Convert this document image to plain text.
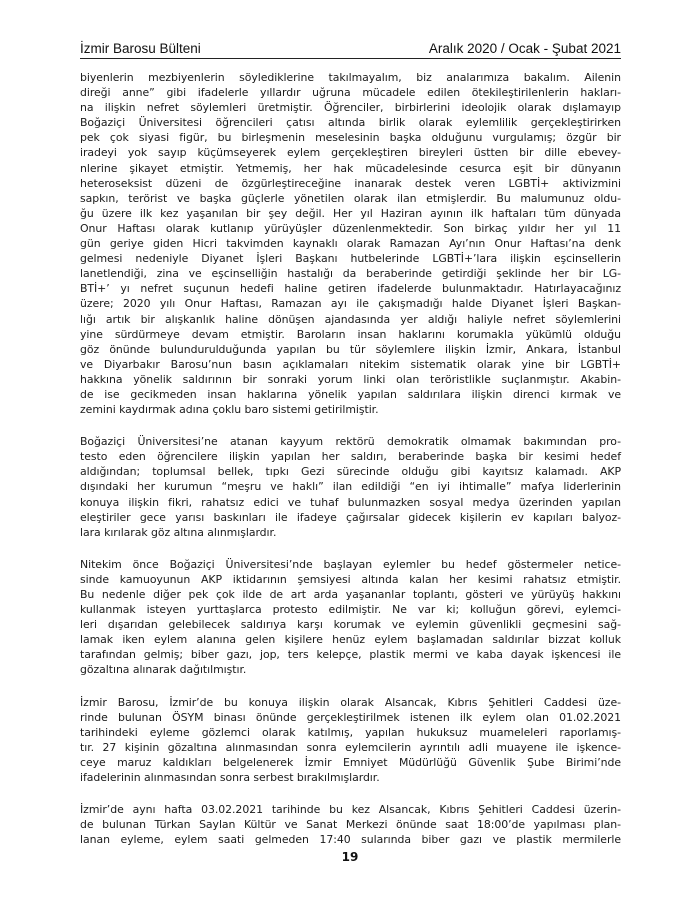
İzmir Barosu Bülteni	Aralık 2020 / Ocak - Şubat 2021

biyenlerin mezbiyenlerin söylediklerine takılmayalım, biz analarımıza bakalım. Ailenin
direği anne” gibi ifadelerle yıllardır uğruna mücadele edilen ötekileştirilenlerin hakları-
na ilişkin nefret söylemleri üretmiştir. Öğrenciler, birbirlerini ideolojik olarak dışlamayıp
Boğaziçi Üniversitesi öğrencileri çatısı altında birlik olarak eylemlilik gerçekleştirirken
pek çok siyasi figür, bu birleşmenin meselesinin başka olduğunu vurgulamış; özgür bir
iradeyi yok sayıp küçümseyerek eylem gerçekleştiren bireyleri üstten bir dille ebevey-
nlerine şikayet etmiştir. Yetmemiş, her hak mücadelesinde cesurca eşit bir dünyanın
heteroseksist düzeni de özgürleştireceğine inanarak destek veren LGBTİ+ aktivizmini
sapkın, terörist ve başka güçlerle yönetilen olarak ilan etmişlerdir. Bu malumunuz oldu-
ğu üzere ilk kez yaşanılan bir şey değil. Her yıl Haziran ayının ilk haftaları tüm dünyada
Onur Haftası olarak kutlanıp yürüyüşler düzenlenmektedir. Son birkaç yıldır her yıl 11
gün geriye giden Hicri takvimden kaynaklı olarak Ramazan Ayı’nın Onur Haftası’na denk
gelmesi nedeniyle Diyanet İşleri Başkanı hutbelerinde LGBTİ+’lara ilişkin eşcinsellerin
lanetlendiği, zina ve eşcinselliğin hastalığı da beraberinde getirdiği şeklinde her bir LG-
BTİ+’ yı nefret suçunun hedefi haline getiren ifadelerde bulunmaktadır. Hatırlayacağınız
üzere; 2020 yılı Onur Haftası, Ramazan ayı ile çakışmadığı halde Diyanet İşleri Başkan-
lığı artık bir alışkanlık haline dönüşen ajandasında yer aldığı haliyle nefret söylemlerini
yine sürdürmeye devam etmiştir. Baroların insan haklarını korumakla yükümlü olduğu
göz önünde bulundurulduğunda yapılan bu tür söylemlere ilişkin İzmir, Ankara, İstanbul
ve Diyarbakır Barosu’nun basın açıklamaları nitekim sistematik olarak yine bir LGBTİ+
hakkına yönelik saldırının bir sonraki yorum linki olan teröristlikle suçlanmıştır. Akabin-
de ise gecikmeden insan haklarına yönelik yapılan saldırılara ilişkin direnci kırmak ve
zemini kaydırmak adına çoklu baro sistemi getirilmiştir.

Boğaziçi Üniversitesi’ne atanan kayyum rektörü demokratik olmamak bakımından pro-
testo eden öğrencilere ilişkin yapılan her saldırı, beraberinde başka bir kesimi hedef
aldığından; toplumsal bellek, tıpkı Gezi sürecinde olduğu gibi kayıtsız kalamadı. AKP
dışındaki her kurumun “meşru ve haklı” ilan edildiği “en iyi ihtimalle” mafya liderlerinin
konuya ilişkin fikri, rahatsız edici ve tuhaf bulunmazken sosyal medya üzerinden yapılan
eleştiriler gece yarısı baskınları ile ifadeye çağırsalar gidecek kişilerin ev kapıları balyoz-
lara kırılarak göz altına alınmışlardır.

Nitekim önce Boğaziçi Üniversitesi’nde başlayan eylemler bu hedef göstermeler netice-
sinde kamuoyunun AKP iktidarının şemsiyesi altında kalan her kesimi rahatsız etmiştir.
Bu nedenle diğer pek çok ilde de art arda yaşananlar toplantı, gösteri ve yürüyüş hakkını
kullanmak isteyen yurttaşlarca protesto edilmiştir. Ne var ki; kolluğun görevi, eylemci-
leri dışarıdan gelebilecek saldırıya karşı korumak ve eylemin güvenlikli geçmesini sağ-
lamak iken eylem alanına gelen kişilere henüz eylem başlamadan saldırılar bizzat kolluk
tarafından gelmiş; biber gazı, jop, ters kelepçe, plastik mermi ve kaba dayak işkencesi ile
gözaltına alınarak dağıtılmıştır.

İzmir Barosu, İzmir’de bu konuya ilişkin olarak Alsancak, Kıbrıs Şehitleri Caddesi üze-
rinde bulunan ÖSYM binası önünde gerçekleştirilmek istenen ilk eylem olan 01.02.2021
tarihindeki eyleme gözlemci olarak katılmış, yapılan hukuksuz muameleleri raporlamış-
tır. 27 kişinin gözaltına alınmasından sonra eylemcilerin ayrıntılı adli muayene ile işkence-
ceye maruz kaldıkları belgelenerek İzmir Emniyet Müdürlüğü Güvenlik Şube Birimi’nde
ifadelerinin alınmasından sonra serbest bırakılmışlardır.

İzmir’de aynı hafta 03.02.2021 tarihinde bu kez Alsancak, Kıbrıs Şehitleri Caddesi üzerin-
de bulunan Türkan Saylan Kültür ve Sanat Merkezi önünde saat 18:00’de yapılması plan-
lanan eyleme, eylem saati gelmeden 17:40 sularında biber gazı ve plastik mermilerle

19
